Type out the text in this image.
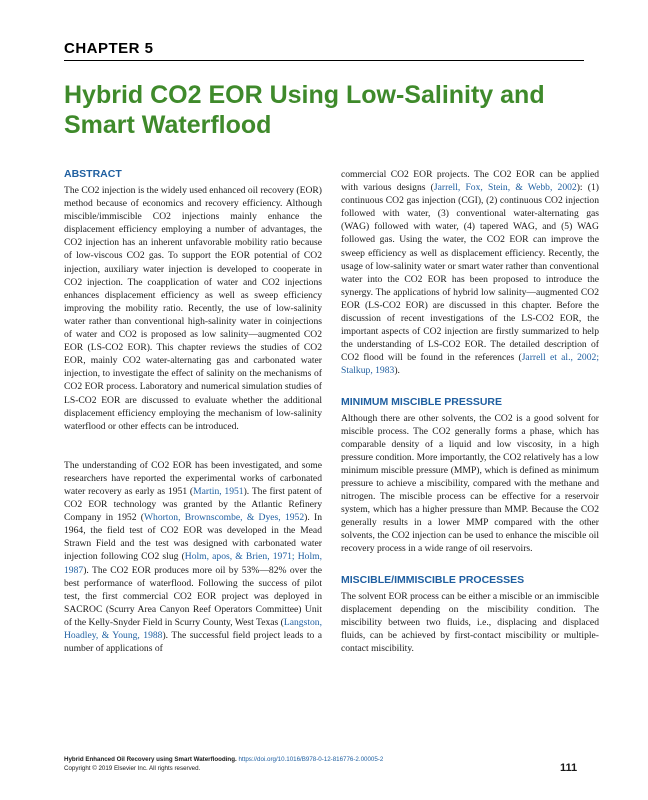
CHAPTER 5
Hybrid CO2 EOR Using Low-Salinity and
Smart Waterflood
ABSTRACT

The CO2 injection is the widely used enhanced oil recovery (EOR) method because of economics and recovery efficiency. Although miscible/immiscible CO2 injections mainly enhance the displacement efficiency employing a number of advantages, the CO2 injection has an inherent unfavorable mobility ratio because of low-viscous CO2 gas. To support the EOR potential of CO2 injection, auxiliary water injection is developed to cooperate in CO2 injection. The coapplication of water and CO2 injections enhances displacement efficiency as well as sweep efficiency improving the mobility ratio. Recently, the use of low-salinity water rather than conventional high-salinity water in coinjections of water and CO2 is proposed as low salinity—augmented CO2 EOR (LS-CO2 EOR). This chapter reviews the studies of CO2 EOR, mainly CO2 water-alternating gas and carbonated water injection, to investigate the effect of salinity on the mechanisms of CO2 EOR process. Laboratory and numerical simulation studies of LS-CO2 EOR are discussed to evaluate whether the additional displacement efficiency employing the mechanism of low-salinity waterflood or other effects can be introduced.

The understanding of CO2 EOR has been investigated, and some researchers have reported the experimental works of carbonated water recovery as early as 1951 (Martin, 1951). The first patent of CO2 EOR technology was granted by the Atlantic Refinery Company in 1952 (Whorton, Brownscombe, & Dyes, 1952). In 1964, the field test of CO2 EOR was developed in the Mead Strawn Field and the test was designed with carbonated water injection following CO2 slug (Holm, apos, & Brien, 1971; Holm, 1987). The CO2 EOR produces more oil by 53%—82% over the best performance of waterflood. Following the success of pilot test, the first commercial CO2 EOR project was deployed in SACROC (Scurry Area Canyon Reef Operators Committee) Unit of the Kelly-Snyder Field in Scurry County, West Texas (Langston, Hoadley, & Young, 1988). The successful field project leads to a number of applications of

commercial CO2 EOR projects. The CO2 EOR can be applied with various designs (Jarrell, Fox, Stein, & Webb, 2002): (1) continuous CO2 gas injection (CGI), (2) continuous CO2 injection followed with water, (3) conventional water-alternating gas (WAG) followed with water, (4) tapered WAG, and (5) WAG followed gas. Using the water, the CO2 EOR can improve the sweep efficiency as well as displacement efficiency. Recently, the usage of low-salinity water or smart water rather than conventional water into the CO2 EOR has been proposed to introduce the synergy. The applications of hybrid low salinity—augmented CO2 EOR (LS-CO2 EOR) are discussed in this chapter. Before the discussion of recent investigations of the LS-CO2 EOR, the important aspects of CO2 injection are firstly summarized to help the understanding of LS-CO2 EOR. The detailed description of CO2 flood will be found in the references (Jarrell et al., 2002; Stalkup, 1983).

MINIMUM MISCIBLE PRESSURE

Although there are other solvents, the CO2 is a good solvent for miscible process. The CO2 generally forms a phase, which has comparable density of a liquid and low viscosity, in a high pressure condition. More importantly, the CO2 relatively has a low minimum miscible pressure (MMP), which is defined as minimum pressure to achieve a miscibility, compared with the methane and nitrogen. The miscible process can be effective for a reservoir system, which has a higher pressure than MMP. Because the CO2 generally results in a lower MMP compared with the other solvents, the CO2 injection can be used to enhance the miscible oil recovery process in a wide range of oil reservoirs.

MISCIBLE/IMMISCIBLE PROCESSES

The solvent EOR process can be either a miscible or an immiscible displacement depending on the miscibility condition. The miscibility between two fluids, i.e., displacing and displaced fluids, can be achieved by first-contact miscibility or multiple-contact miscibility.

Hybrid Enhanced Oil Recovery using Smart Waterflooding. https://doi.org/10.1016/B978-0-12-816776-2.00005-2
Copyright © 2019 Elsevier Inc. All rights reserved.	111
